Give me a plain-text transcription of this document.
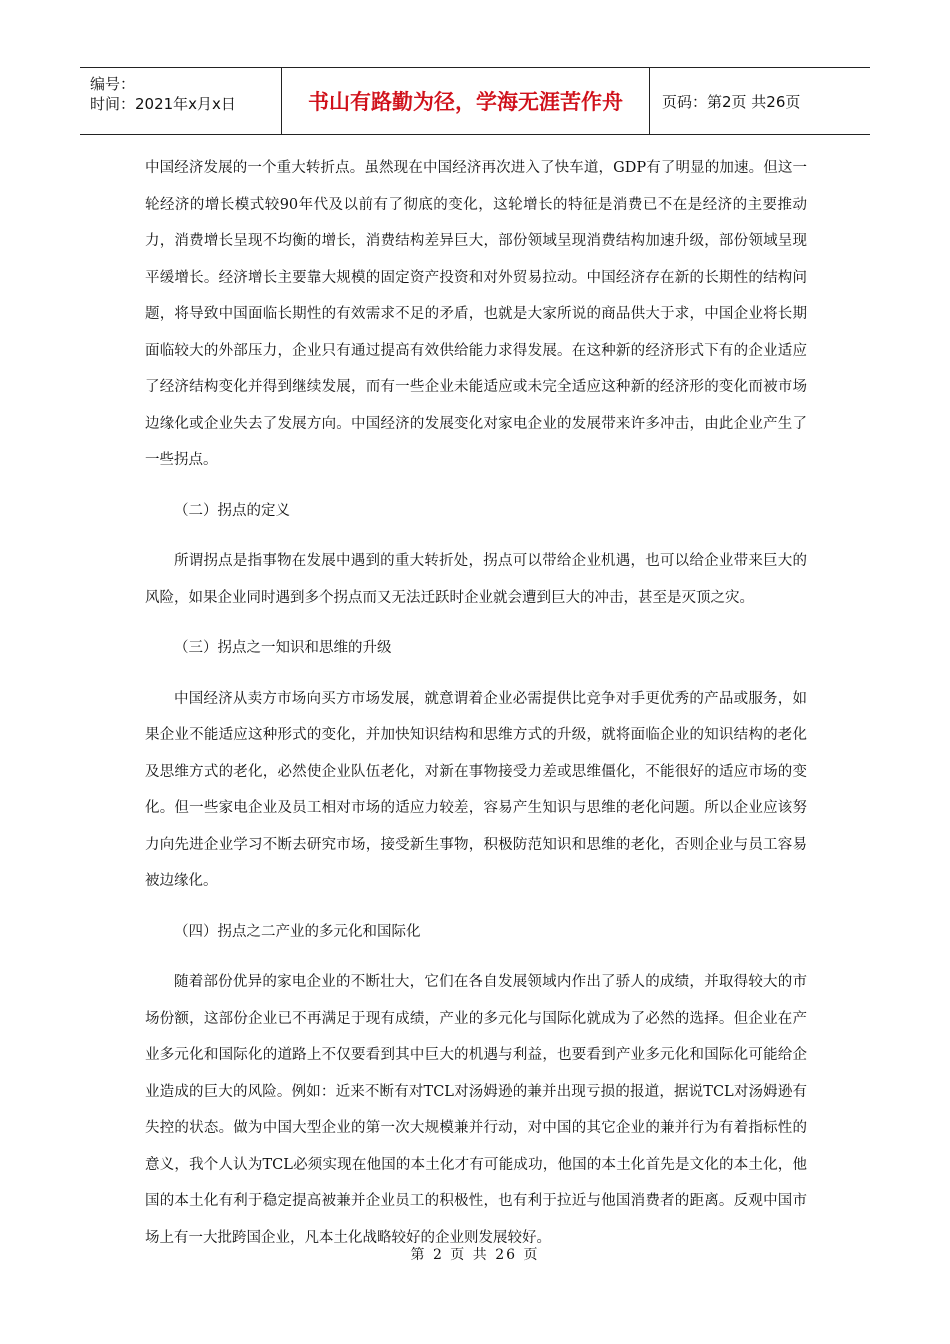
编号：
时间：2021年x月x日	书山有路勤为径，学海无涯苦作舟	页码：第2页 共26页

中国经济发展的一个重大转折点。虽然现在中国经济再次进入了快车道，GDP有了明显的加速。但这一轮经济的增长模式较90年代及以前有了彻底的变化，这轮增长的特征是消费已不在是经济的主要推动力，消费增长呈现不均衡的增长，消费结构差异巨大，部份领域呈现消费结构加速升级，部份领域呈现平缓增长。经济增长主要靠大规模的固定资产投资和对外贸易拉动。中国经济存在新的长期性的结构问题，将导致中国面临长期性的有效需求不足的矛盾，也就是大家所说的商品供大于求，中国企业将长期面临较大的外部压力，企业只有通过提高有效供给能力求得发展。在这种新的经济形式下有的企业适应了经济结构变化并得到继续发展，而有一些企业未能适应或未完全适应这种新的经济形的变化而被市场边缘化或企业失去了发展方向。中国经济的发展变化对家电企业的发展带来许多冲击，由此企业产生了一些拐点。

（二）拐点的定义

所谓拐点是指事物在发展中遇到的重大转折处，拐点可以带给企业机遇，也可以给企业带来巨大的风险，如果企业同时遇到多个拐点而又无法迁跃时企业就会遭到巨大的冲击，甚至是灭顶之灾。

（三）拐点之一知识和思维的升级

中国经济从卖方市场向买方市场发展，就意谓着企业必需提供比竞争对手更优秀的产品或服务，如果企业不能适应这种形式的变化，并加快知识结构和思维方式的升级，就将面临企业的知识结构的老化及思维方式的老化，必然使企业队伍老化，对新在事物接受力差或思维僵化，不能很好的适应市场的变化。但一些家电企业及员工相对市场的适应力较差，容易产生知识与思维的老化问题。所以企业应该努力向先进企业学习不断去研究市场，接受新生事物，积极防范知识和思维的老化，否则企业与员工容易被边缘化。

（四）拐点之二产业的多元化和国际化

随着部份优异的家电企业的不断壮大，它们在各自发展领域内作出了骄人的成绩，并取得较大的市场份额，这部份企业已不再满足于现有成绩，产业的多元化与国际化就成为了必然的选择。但企业在产业多元化和国际化的道路上不仅要看到其中巨大的机遇与利益，也要看到产业多元化和国际化可能给企业造成的巨大的风险。例如：近来不断有对TCL对汤姆逊的兼并出现亏损的报道，据说TCL对汤姆逊有失控的状态。做为中国大型企业的第一次大规模兼并行动，对中国的其它企业的兼并行为有着指标性的意义，我个人认为TCL必须实现在他国的本土化才有可能成功，他国的本土化首先是文化的本土化，他国的本土化有利于稳定提高被兼并企业员工的积极性，也有利于拉近与他国消费者的距离。反观中国市场上有一大批跨国企业，凡本土化战略较好的企业则发展较好。

第 2 页 共 26 页
